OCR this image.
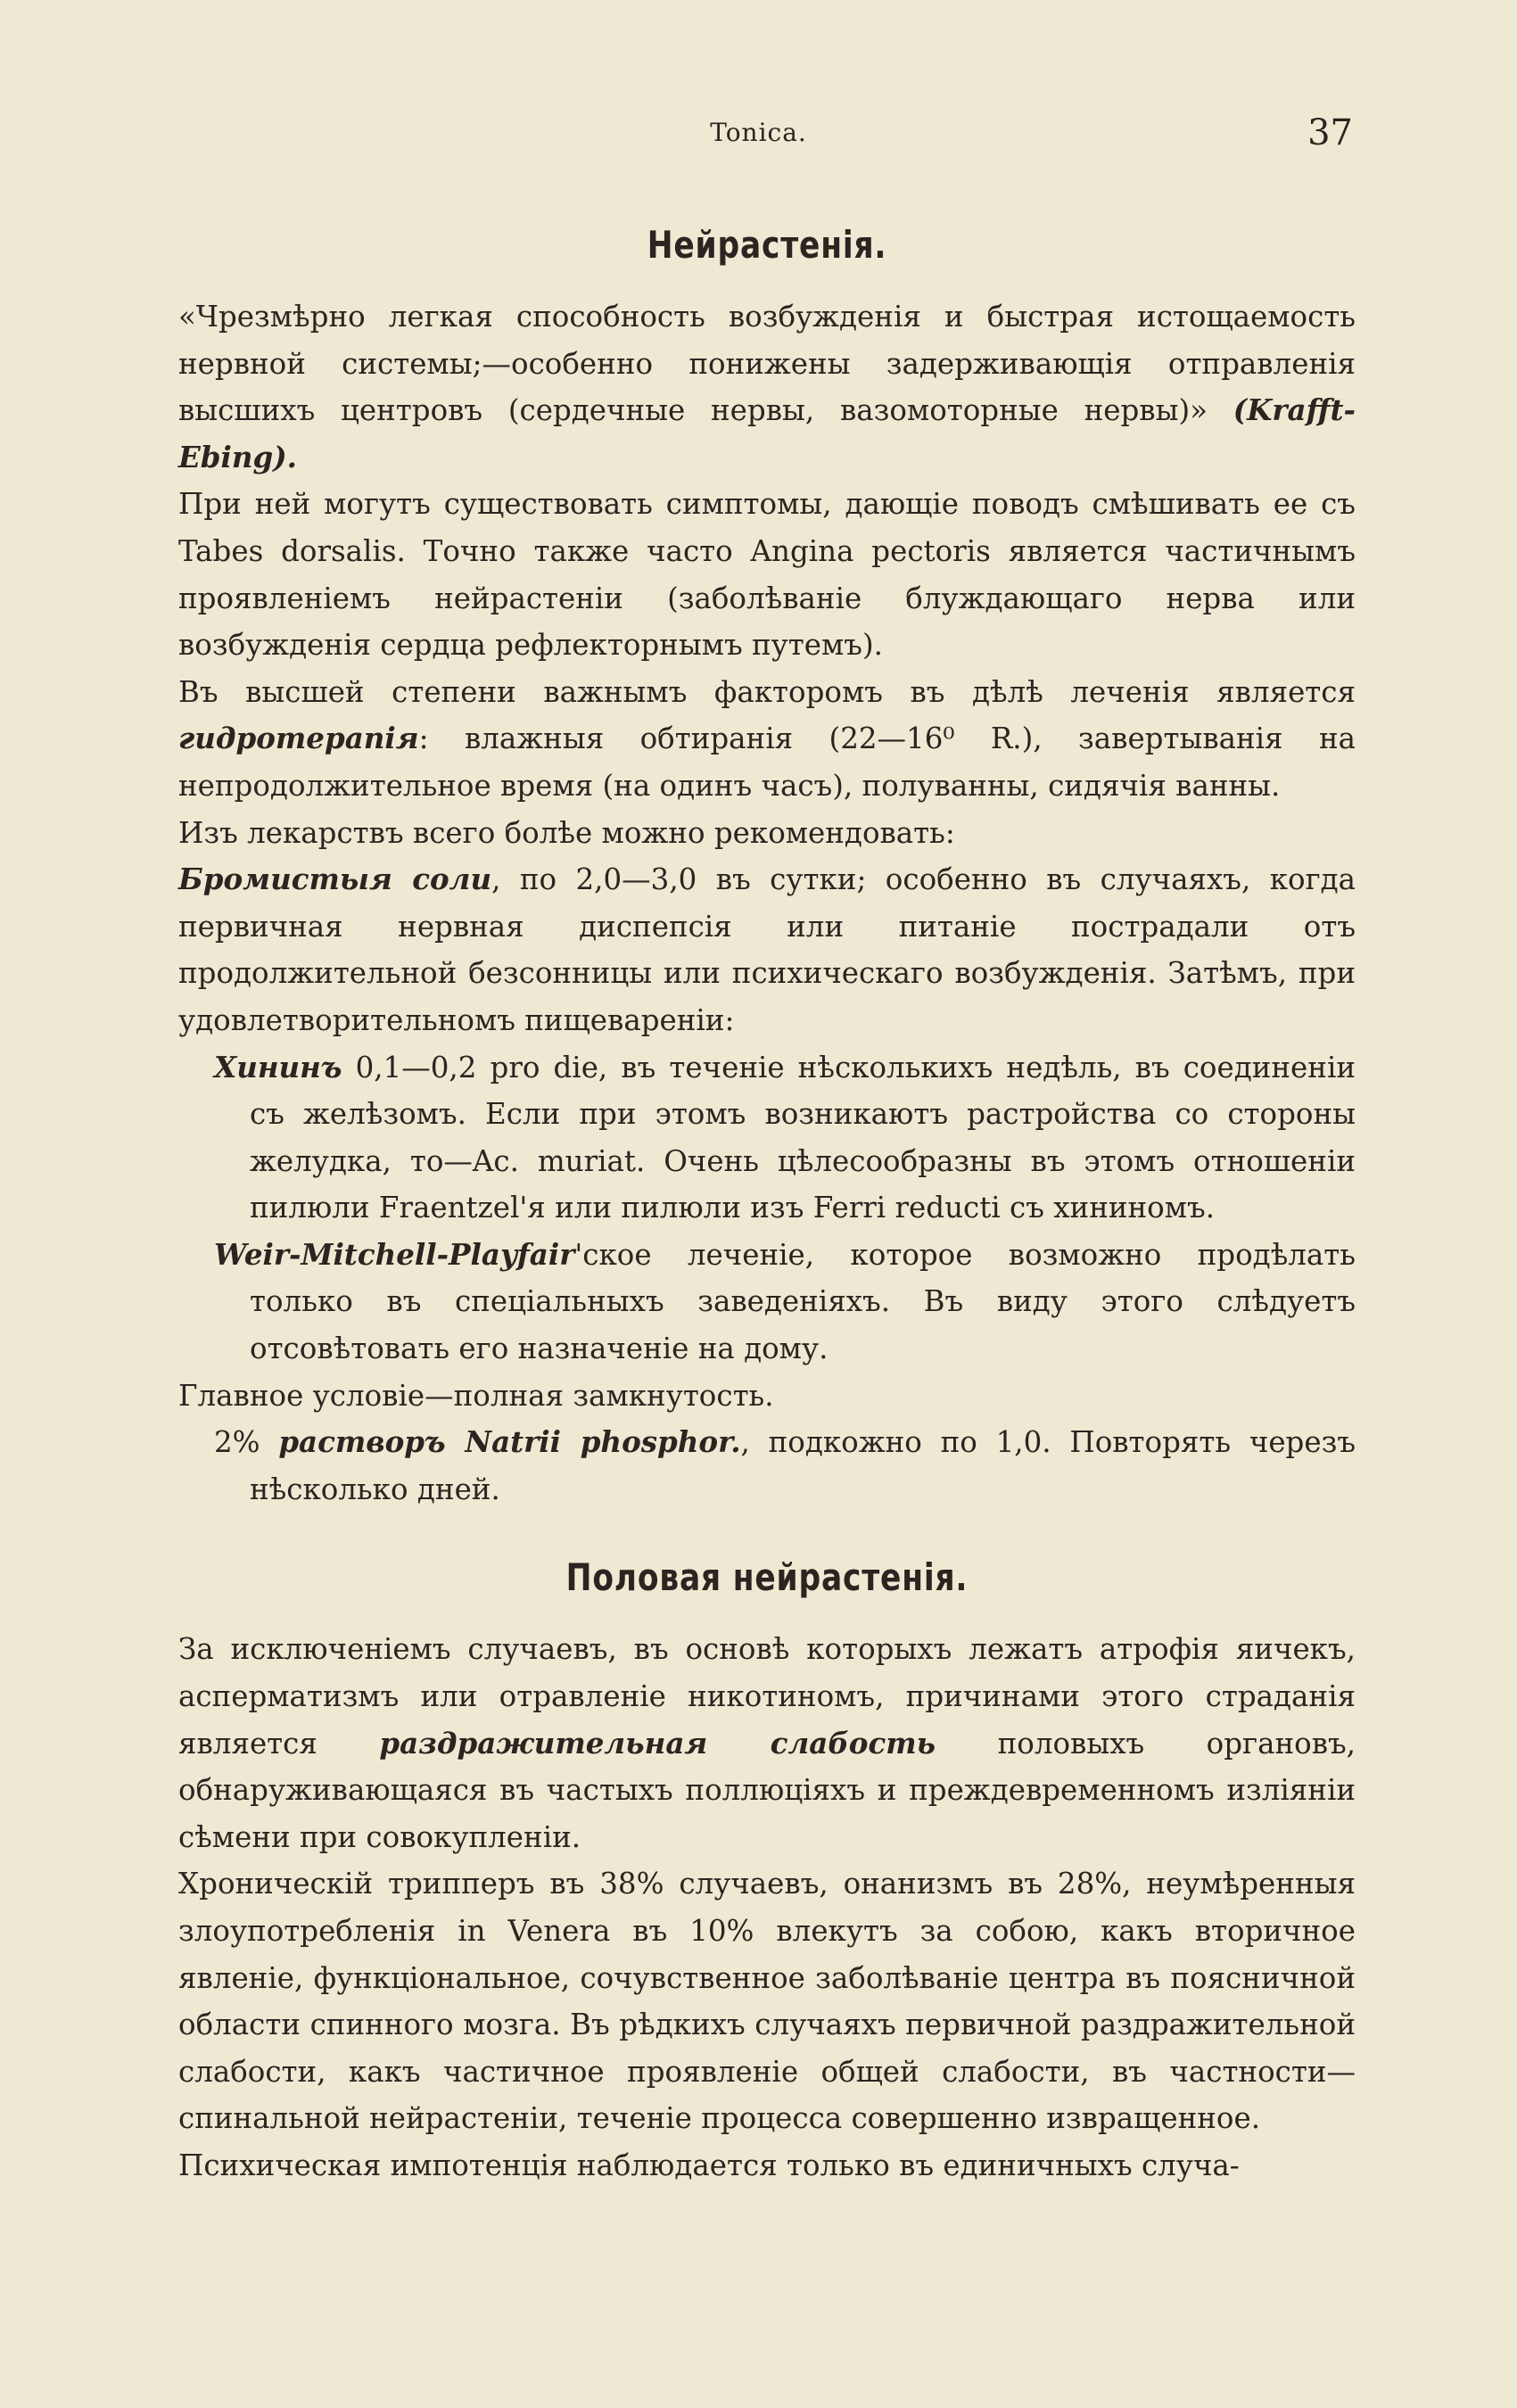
Tonica.	37
Нейрастенія.

«Чрезмѣрно легкая способность возбужденія и быстрая истощаемость нервной системы;—особенно понижены задерживающія отправленія высшихъ центровъ (сердечные нервы, вазомоторные нервы)» (Krafft-Ebing).

При ней могутъ существовать симптомы, дающіе поводъ смѣшивать ее съ Tabes dorsalis. Точно также часто Angina pectoris является частичнымъ проявленіемъ нейрастеніи (заболѣваніе блуждающаго нерва или возбужденія сердца рефлекторнымъ путемъ).

Въ высшей степени важнымъ факторомъ въ дѣлѣ леченія является гидротерапія: влажныя обтиранія (22—16⁰ R.), завертыванія на непродолжительное время (на одинъ часъ), полуванны, сидячія ванны.

Изъ лекарствъ всего болѣе можно рекомендовать:

Бромистыя соли, по 2,0—3,0 въ сутки; особенно въ случаяхъ, когда первичная нервная диспепсія или питаніе пострадали отъ продолжительной безсонницы или психическаго возбужденія. Затѣмъ, при удовлетворительномъ пищевареніи:

Хининъ 0,1—0,2 pro die, въ теченіе нѣсколькихъ недѣль, въ соединеніи съ желѣзомъ. Если при этомъ возникаютъ растройства со стороны желудка, то—Ac. muriat. Очень цѣлесообразны въ этомъ отношеніи пилюли Fraentzel'я или пилюли изъ Ferri reducti съ хининомъ.

Weir-Mitchell-Playfair'ское леченіе, которое возможно продѣлать только въ спеціальныхъ заведеніяхъ. Въ виду этого слѣдуетъ отсовѣтовать его назначеніе на дому.

Главное условіе—полная замкнутость.

2% растворъ Natrii phosphor., подкожно по 1,0. Повторять черезъ нѣсколько дней.

Половая нейрастенія.

За исключеніемъ случаевъ, въ основѣ которыхъ лежатъ атрофія яичекъ, аспермaтизмъ или отравленіе никотиномъ, причинами этого страданія является раздражительная слабость половыхъ органовъ, обнаруживающаяся въ частыхъ поллюціяхъ и преждевременномъ изліяніи сѣмени при совокупленіи.

Хроническій трипперъ въ 38% случаевъ, онанизмъ въ 28%, неумѣренныя злоупотребленія in Venera въ 10% влекутъ за собою, какъ вторичное явленіе, функціональное, сочувственное заболѣваніе центра въ поясничной области спинного мозга. Въ рѣдкихъ случаяхъ первичной раздражительной слабости, какъ частичное проявленіе общей слабости, въ частности—спинальной нейрастеніи, теченіе процесса совершенно извращенное.

Психическая импотенція наблюдается только въ единичныхъ случа-
